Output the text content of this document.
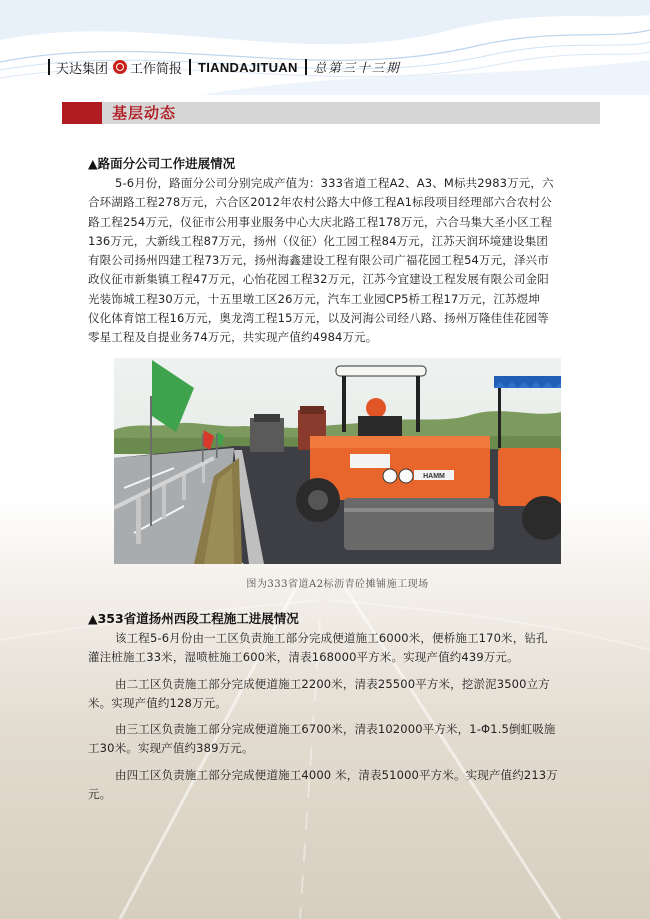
天达集团 工作简报 TIANDAJITUAN 总第三十三期
基层动态
▲路面分公司工作进展情况
5-6月份，路面分公司分别完成产值为：333省道工程A2、A3、M标共2983万元，六
合环湖路工程278万元，六合区2012年农村公路大中修工程A1标段项目经理部六合农村公
路工程254万元，仪征市公用事业服务中心大庆北路工程178万元，六合马集大圣小区工程
136万元，大新线工程87万元，扬州（仪征）化工园工程84万元，江苏天润环境建设集团
有限公司扬州四建工程73万元，扬州海鑫建设工程有限公司广福花园工程54万元，泽兴市
政仪征市新集镇工程47万元，心怡花园工程32万元，江苏今宜建设工程发展有限公司金阳
光装饰城工程30万元，十五里墩工区26万元，汽车工业园CP5桥工程17万元，江苏煜坤
仪化体育馆工程16万元，奥龙湾工程15万元，以及河海公司经八路、扬州万隆佳佳花园等
零星工程及自提业务74万元，共实现产值约4984万元。
HAMM
图为333省道A2标沥青砼摊铺施工现场
▲353省道扬州西段工程施工进展情况
该工程5-6月份由一工区负责施工部分完成便道施工6000米，便桥施工170米，钻孔
灌注桩施工33米，湿喷桩施工600米，清表168000平方米。实现产值约439万元。
由二工区负责施工部分完成便道施工2200米，清表25500平方米，挖淤泥3500立方
米。实现产值约128万元。
由三工区负责施工部分完成便道施工6700米，清表102000平方米，1-Φ1.5倒虹吸施
工30米。实现产值约389万元。
由四工区负责施工部分完成便道施工4000 米，清表51000平方米。实现产值约213万
元。
